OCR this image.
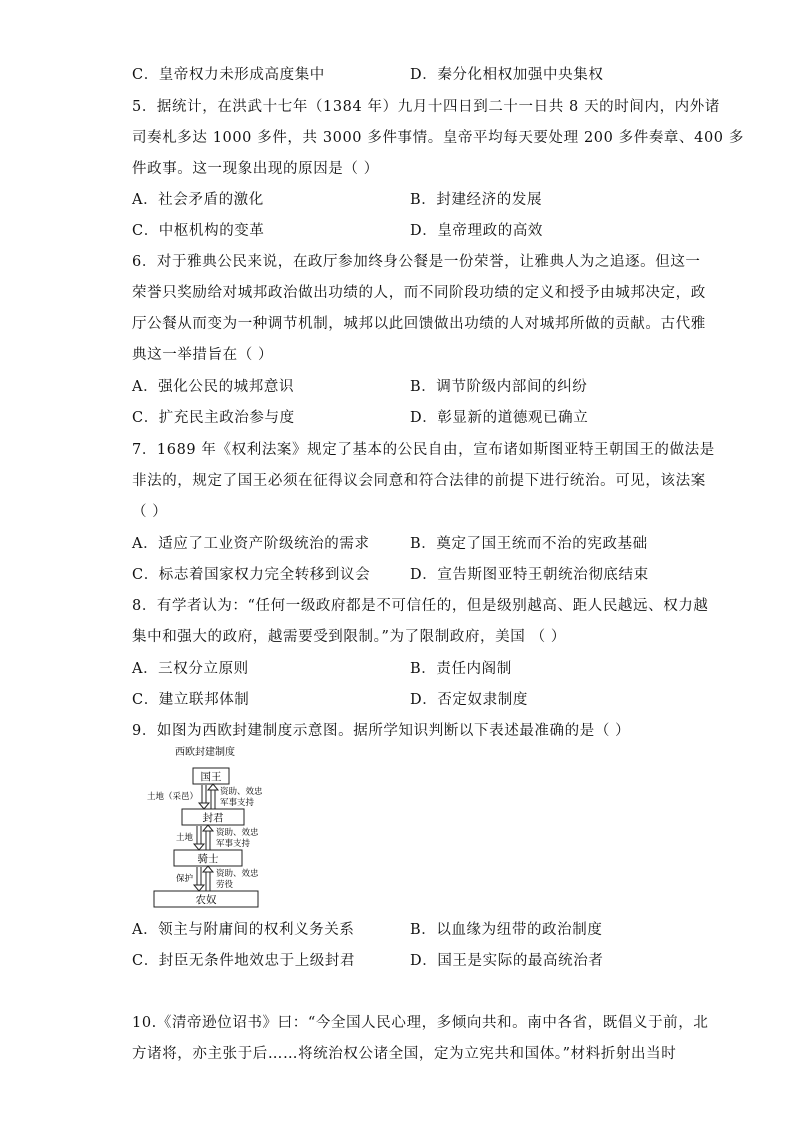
C．皇帝权力未形成高度集中	D．秦分化相权加强中央集权
5．据统计，在洪武十七年（1384 年）九月十四日到二十一日共 8 天的时间内，内外诸
司奏札多达 1000 多件，共 3000 多件事情。皇帝平均每天要处理 200 多件奏章、400 多
件政事。这一现象出现的原因是（ ）
A．社会矛盾的激化	B．封建经济的发展
C．中枢机构的变革	D．皇帝理政的高效
6．对于雅典公民来说，在政厅参加终身公餐是一份荣誉，让雅典人为之追逐。但这一
荣誉只奖励给对城邦政治做出功绩的人，而不同阶段功绩的定义和授予由城邦决定，政
厅公餐从而变为一种调节机制，城邦以此回馈做出功绩的人对城邦所做的贡献。古代雅
典这一举措旨在（ ）
A．强化公民的城邦意识	B．调节阶级内部间的纠纷
C．扩充民主政治参与度	D．彰显新的道德观已确立
7．1689 年《权利法案》规定了基本的公民自由，宣布诸如斯图亚特王朝国王的做法是
非法的，规定了国王必须在征得议会同意和符合法律的前提下进行统治。可见，该法案
（ ）
A．适应了工业资产阶级统治的需求	B．奠定了国王统而不治的宪政基础
C．标志着国家权力完全转移到议会	D．宣告斯图亚特王朝统治彻底结束
8．有学者认为：“任何一级政府都是不可信任的，但是级别越高、距人民越远、权力越
集中和强大的政府，越需要受到限制。”为了限制政府，美国 （ ）
A．三权分立原则	B．责任内阁制
C．建立联邦体制	D．否定奴隶制度
9．如图为西欧封建制度示意图。据所学知识判断以下表述最准确的是（ ）
西欧封建制度
国王
封君
骑士
农奴
土地（采邑）	资助、效忠
军事支持
土地	资助、效忠
军事支持
保护	资助、效忠
劳役
A．领主与附庸间的权利义务关系	B．以血缘为纽带的政治制度
C．封臣无条件地效忠于上级封君	D．国王是实际的最高统治者
10.《清帝逊位诏书》曰：“今全国人民心理，多倾向共和。南中各省，既倡义于前，北
方诸将，亦主张于后……将统治权公诸全国，定为立宪共和国体。”材料折射出当时
